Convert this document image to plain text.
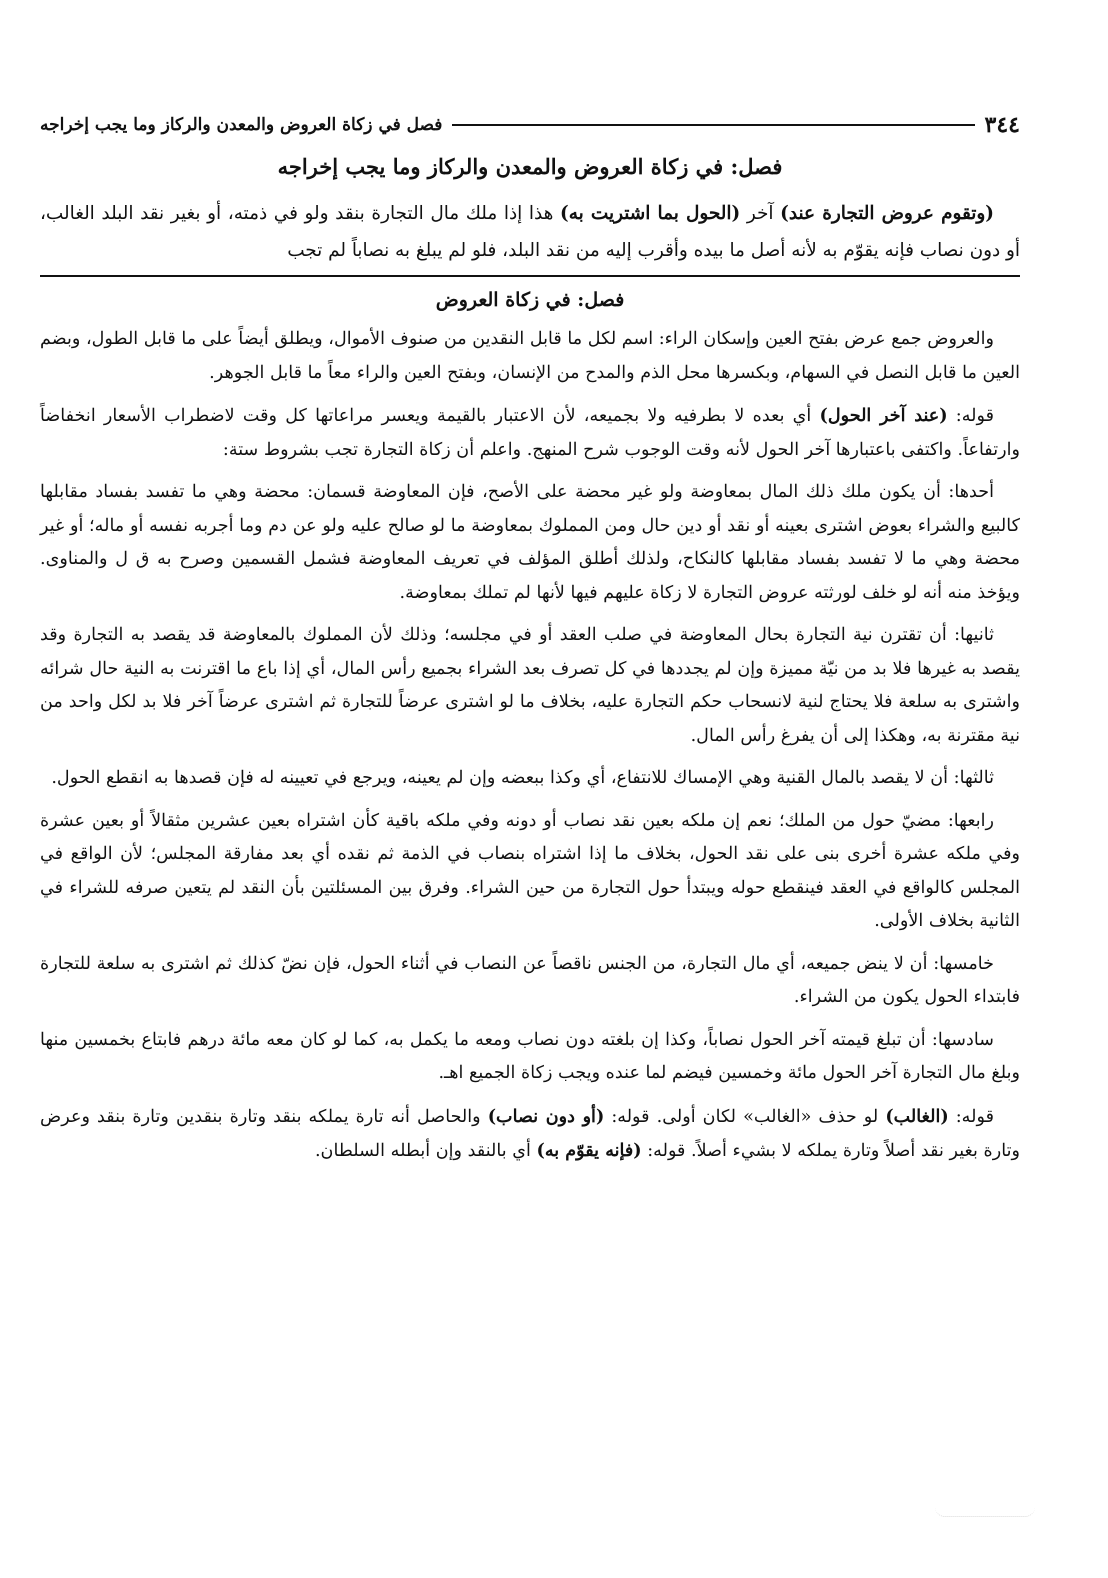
٣٤٤
فصل في زكاة العروض والمعدن والركاز وما يجب إخراجه
فصل: في زكاة العروض والمعدن والركاز وما يجب إخراجه

(وتقوم عروض التجارة عند) آخر (الحول بما اشتريت به) هذا إذا ملك مال التجارة بنقد ولو في ذمته، أو بغير نقد البلد الغالب، أو دون نصاب فإنه يقوّم به لأنه أصل ما بيده وأقرب إليه من نقد البلد، فلو لم يبلغ به نصاباً لم تجب

فصل: في زكاة العروض

والعروض جمع عرض بفتح العين وإسكان الراء: اسم لكل ما قابل النقدين من صنوف الأموال، ويطلق أيضاً على ما قابل الطول، وبضم العين ما قابل النصل في السهام، وبكسرها محل الذم والمدح من الإنسان، وبفتح العين والراء معاً ما قابل الجوهر.

قوله: (عند آخر الحول) أي بعده لا بطرفيه ولا بجميعه، لأن الاعتبار بالقيمة ويعسر مراعاتها كل وقت لاضطراب الأسعار انخفاضاً وارتفاعاً. واكتفى باعتبارها آخر الحول لأنه وقت الوجوب شرح المنهج. واعلم أن زكاة التجارة تجب بشروط ستة:

أحدها: أن يكون ملك ذلك المال بمعاوضة ولو غير محضة على الأصح، فإن المعاوضة قسمان: محضة وهي ما تفسد بفساد مقابلها كالبيع والشراء بعوض اشترى بعينه أو نقد أو دين حال ومن المملوك بمعاوضة ما لو صالح عليه ولو عن دم وما أجربه نفسه أو ماله؛ أو غير محضة وهي ما لا تفسد بفساد مقابلها كالنكاح، ولذلك أطلق المؤلف في تعريف المعاوضة فشمل القسمين وصرح به ق ل والمناوى. ويؤخذ منه أنه لو خلف لورثته عروض التجارة لا زكاة عليهم فيها لأنها لم تملك بمعاوضة.

ثانيها: أن تقترن نية التجارة بحال المعاوضة في صلب العقد أو في مجلسه؛ وذلك لأن المملوك بالمعاوضة قد يقصد به التجارة وقد يقصد به غيرها فلا بد من نيّة مميزة وإن لم يجددها في كل تصرف بعد الشراء بجميع رأس المال، أي إذا باع ما اقترنت به النية حال شرائه واشترى به سلعة فلا يحتاج لنية لانسحاب حكم التجارة عليه، بخلاف ما لو اشترى عرضاً للتجارة ثم اشترى عرضاً آخر فلا بد لكل واحد من نية مقترنة به، وهكذا إلى أن يفرغ رأس المال.

ثالثها: أن لا يقصد بالمال القنية وهي الإمساك للانتفاع، أي وكذا ببعضه وإن لم يعينه، ويرجع في تعيينه له فإن قصدها به انقطع الحول.

رابعها: مضيّ حول من الملك؛ نعم إن ملكه بعين نقد نصاب أو دونه وفي ملكه باقية كأن اشتراه بعين عشرين مثقالاً أو بعين عشرة وفي ملكه عشرة أخرى بنى على نقد الحول، بخلاف ما إذا اشتراه بنصاب في الذمة ثم نقده أي بعد مفارقة المجلس؛ لأن الواقع في المجلس كالواقع في العقد فينقطع حوله ويبتدأ حول التجارة من حين الشراء. وفرق بين المسئلتين بأن النقد لم يتعين صرفه للشراء في الثانية بخلاف الأولى.

خامسها: أن لا ينض جميعه، أي مال التجارة، من الجنس ناقصاً عن النصاب في أثناء الحول، فإن نضّ كذلك ثم اشترى به سلعة للتجارة فابتداء الحول يكون من الشراء.

سادسها: أن تبلغ قيمته آخر الحول نصاباً، وكذا إن بلغته دون نصاب ومعه ما يكمل به، كما لو كان معه مائة درهم فابتاع بخمسين منها وبلغ مال التجارة آخر الحول مائة وخمسين فيضم لما عنده ويجب زكاة الجميع اهـ.

قوله: (الغالب) لو حذف «الغالب» لكان أولى. قوله: (أو دون نصاب) والحاصل أنه تارة يملكه بنقد وتارة بنقدين وتارة بنقد وعرض وتارة بغير نقد أصلاً وتارة يملكه لا بشيء أصلاً. قوله: (فإنه يقوّم به) أي بالنقد وإن أبطله السلطان.
